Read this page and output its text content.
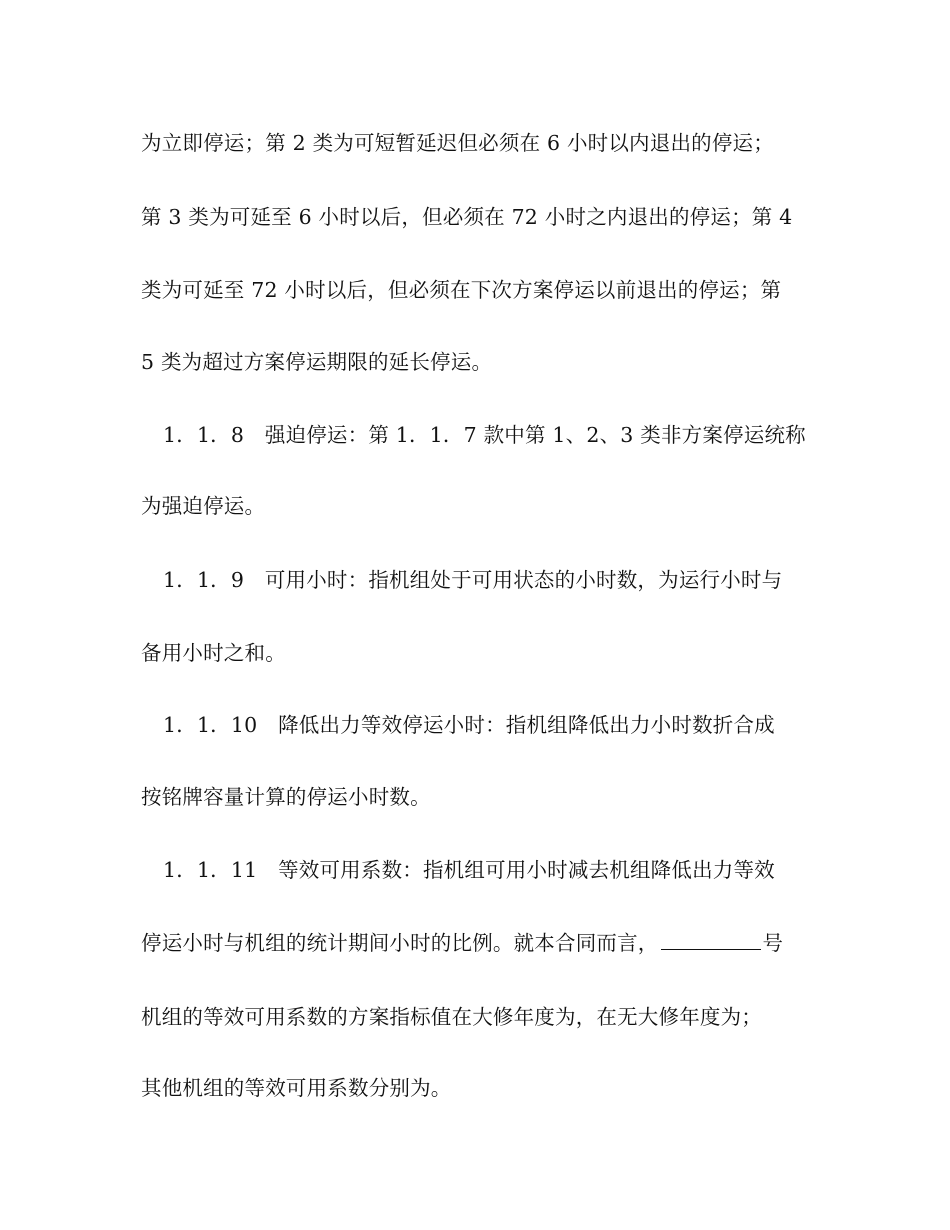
为立即停运；第 2 类为可短暂延迟但必须在 6 小时以内退出的停运；
第 3 类为可延至 6 小时以后，但必须在 72 小时之内退出的停运；第 4
类为可延至 72 小时以后，但必须在下次方案停运以前退出的停运；第
5 类为超过方案停运期限的延长停运。
1．1．8　强迫停运：第 1．1．7 款中第 1、2、3 类非方案停运统称
为强迫停运。
1．1．9　可用小时：指机组处于可用状态的小时数，为运行小时与
备用小时之和。
1．1．10　降低出力等效停运小时：指机组降低出力小时数折合成
按铭牌容量计算的停运小时数。
1．1．11　等效可用系数：指机组可用小时减去机组降低出力等效
停运小时与机组的统计期间小时的比例。就本合同而言，	号
机组的等效可用系数的方案指标值在大修年度为，在无大修年度为；
其他机组的等效可用系数分别为。
